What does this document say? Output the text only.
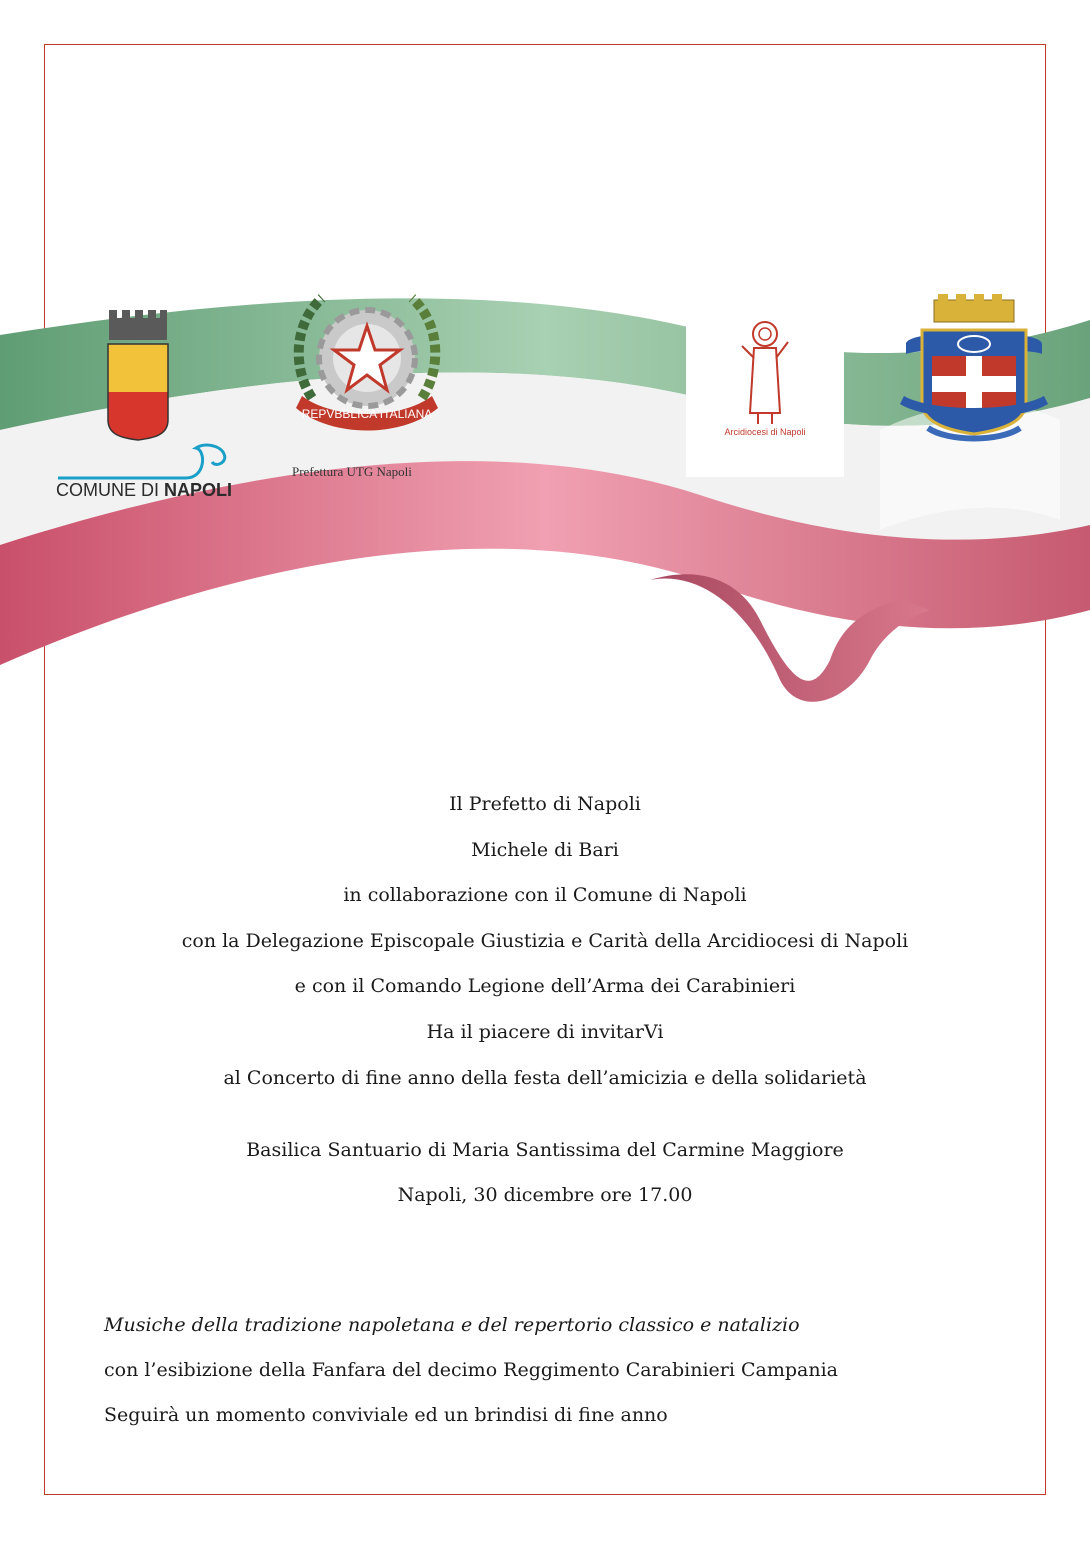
COMUNE DI NAPOLI
REPVBBLICA ITALIANA
Prefettura UTG Napoli
Arcidiocesi di Napoli
Il Prefetto di Napoli
Michele di Bari
in collaborazione con il Comune di Napoli
con la Delegazione Episcopale Giustizia e Carità della Arcidiocesi di Napoli
e con il Comando Legione dell’Arma dei Carabinieri
Ha il piacere di invitarVi
al Concerto di fine anno della festa dell’amicizia e della solidarietà
Basilica Santuario di Maria Santissima del Carmine Maggiore
Napoli, 30 dicembre ore 17.00
Musiche della tradizione napoletana e del repertorio classico e natalizio
con l’esibizione della Fanfara del decimo Reggimento Carabinieri Campania
Seguirà un momento conviviale ed un brindisi di fine anno
